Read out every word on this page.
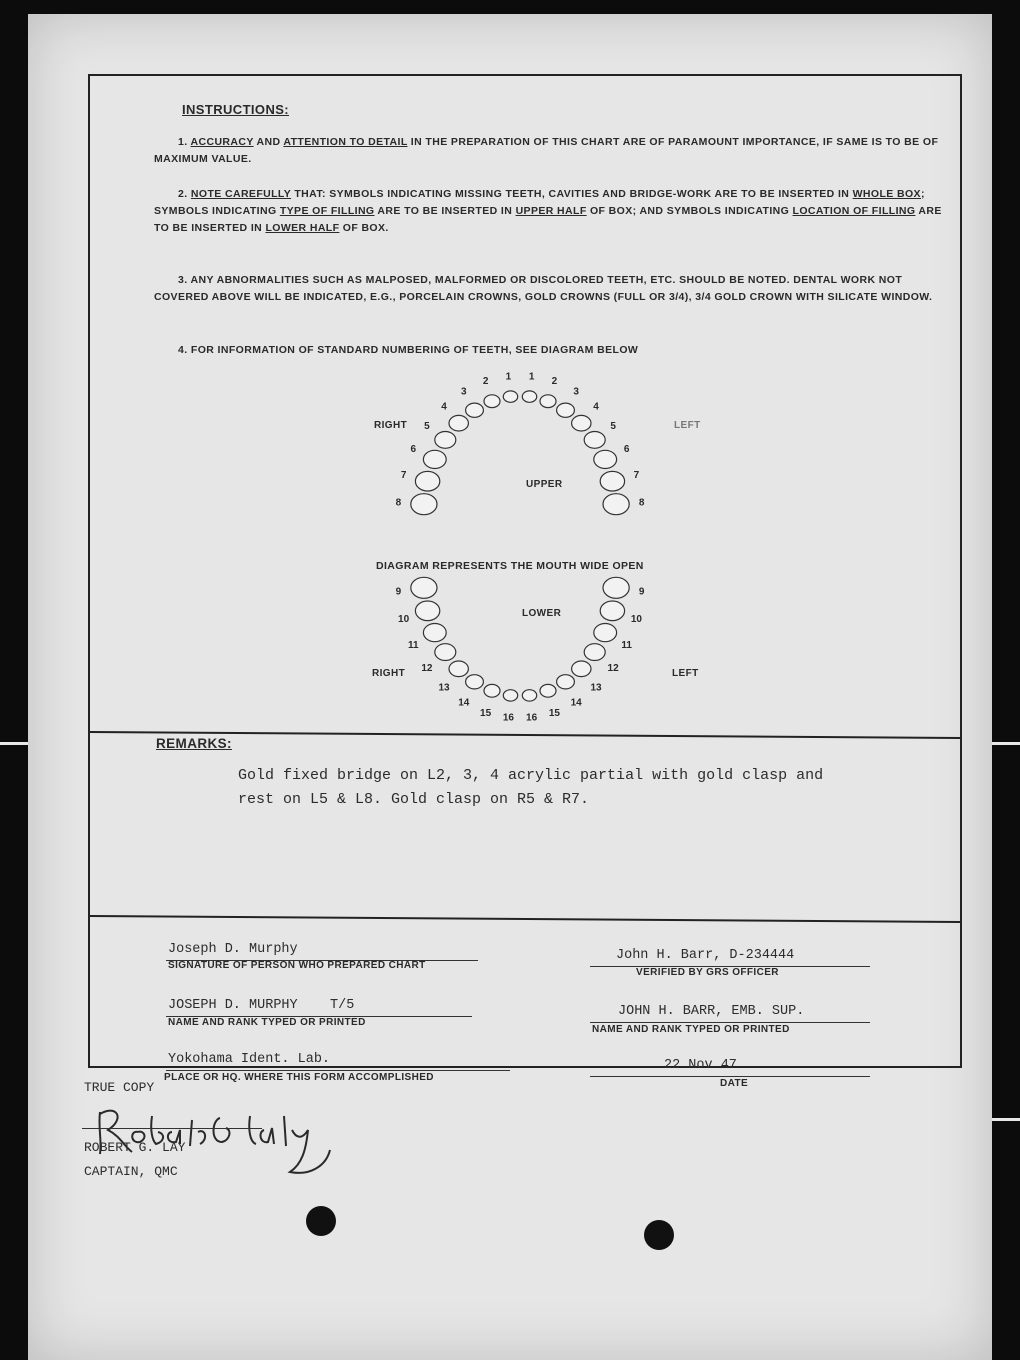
INSTRUCTIONS:
1. ACCURACY AND ATTENTION TO DETAIL IN THE PREPARATION OF THIS CHART ARE OF PARAMOUNT IMPORTANCE, IF SAME IS TO BE OF MAXIMUM VALUE.
2. NOTE CAREFULLY THAT: SYMBOLS INDICATING MISSING TEETH, CAVITIES AND BRIDGE-WORK ARE TO BE INSERTED IN WHOLE BOX; SYMBOLS INDICATING TYPE OF FILLING ARE TO BE INSERTED IN UPPER HALF OF BOX; AND SYMBOLS INDICATING LOCATION OF FILLING ARE TO BE INSERTED IN LOWER HALF OF BOX.
3. ANY ABNORMALITIES SUCH AS MALPOSED, MALFORMED OR DISCOLORED TEETH, ETC. SHOULD BE NOTED. DENTAL WORK NOT COVERED ABOVE WILL BE INDICATED, E.G., PORCELAIN CROWNS, GOLD CROWNS (FULL OR 3/4), 3/4 GOLD CROWN WITH SILICATE WINDOW.
4. FOR INFORMATION OF STANDARD NUMBERING OF TEETH, SEE DIAGRAM BELOW
1
2
3
4
5
6
7
8
1 2
3
4
5
6
7
8
16
15
14
13
12
11
10
9
16 15
14
13
12
11
10
9
RIGHT	LEFT
UPPER
DIAGRAM REPRESENTS THE MOUTH WIDE OPEN
LOWER
RIGHT	LEFT
REMARKS:
Gold fixed bridge on L2, 3, 4 acrylic partial with gold clasp and
rest on L5 & L8. Gold clasp on R5 & R7.
Joseph D. Murphy
SIGNATURE OF PERSON WHO PREPARED CHART
JOSEPH D. MURPHY    T/5
NAME AND RANK TYPED OR PRINTED
Yokohama Ident. Lab.
PLACE OR HQ. WHERE THIS FORM ACCOMPLISHED
John H. Barr, D-234444
VERIFIED BY GRS OFFICER
JOHN H. BARR, EMB. SUP.
NAME AND RANK TYPED OR PRINTED
22 Nov 47
DATE
TRUE COPY
ROBERT G. LAY
CAPTAIN, QMC
